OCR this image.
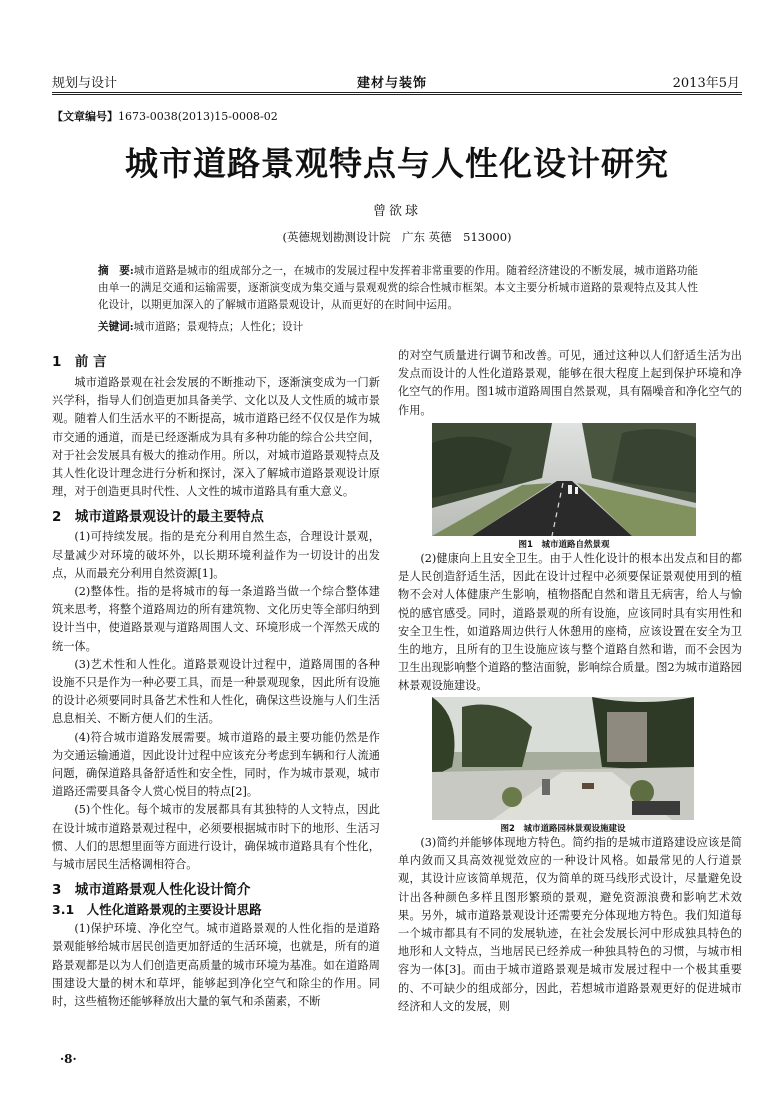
规划与设计	建材与装饰	2013年5月
【文章编号】1673-0038(2013)15-0008-02
城市道路景观特点与人性化设计研究
曾欲球
(英德规划勘测设计院　广东 英德　513000)
摘　要:城市道路是城市的组成部分之一，在城市的发展过程中发挥着非常重要的作用。随着经济建设的不断发展，城市道路功能由单一的满足交通和运输需要，逐渐演变成为集交通与景观观赏的综合性城市框架。本文主要分析城市道路的景观特点及其人性化设计，以期更加深入的了解城市道路景观设计，从而更好的在时间中运用。
关键词:城市道路；景观特点；人性化；设计

1　前 言

城市道路景观在社会发展的不断推动下，逐渐演变成为一门新兴学科，指导人们创造更加具备美学、文化以及人文性质的城市景观。随着人们生活水平的不断提高，城市道路已经不仅仅是作为城市交通的通道，而是已经逐渐成为具有多种功能的综合公共空间，对于社会发展具有极大的推动作用。所以，对城市道路景观特点及其人性化设计理念进行分析和探讨，深入了解城市道路景观设计原理，对于创造更具时代性、人文性的城市道路具有重大意义。

2　城市道路景观设计的最主要特点

(1)可持续发展。指的是充分利用自然生态，合理设计景观，尽量减少对环境的破坏外，以长期环境利益作为一切设计的出发点，从而最充分利用自然资源[1]。

(2)整体性。指的是将城市的每一条道路当做一个综合整体建筑来思考，将整个道路周边的所有建筑物、文化历史等全部归纳到设计当中，使道路景观与道路周围人文、环境形成一个浑然天成的统一体。

(3)艺术性和人性化。道路景观设计过程中，道路周围的各种设施不只是作为一种必要工具，而是一种景观现象，因此所有设施的设计必须要同时具备艺术性和人性化，确保这些设施与人们生活息息相关、不断方便人们的生活。

(4)符合城市道路发展需要。城市道路的最主要功能仍然是作为交通运输通道，因此设计过程中应该充分考虑到车辆和行人流通问题，确保道路具备舒适性和安全性，同时，作为城市景观，城市道路还需要具备令人赏心悦目的特点[2]。

(5)个性化。每个城市的发展都具有其独特的人文特点，因此在设计城市道路景观过程中，必须要根据城市时下的地形、生活习惯、人们的思想里面等方面进行设计，确保城市道路具有个性化，与城市居民生活格调相符合。

3　城市道路景观人性化设计简介

3.1　人性化道路景观的主要设计思路

(1)保护环境、净化空气。城市道路景观的人性化指的是道路景观能够给城市居民创造更加舒适的生活环境，也就是，所有的道路景观都是以为人们创造更高质量的城市环境为基准。如在道路周围建设大量的树木和草坪，能够起到净化空气和除尘的作用。同时，这些植物还能够释放出大量的氧气和杀菌素，不断

的对空气质量进行调节和改善。可见，通过这种以人们舒适生活为出发点而设计的人性化道路景观，能够在很大程度上起到保护环境和净化空气的作用。图1城市道路周围自然景观，具有隔噪音和净化空气的作用。

图1　城市道路自然景观

(2)健康向上且安全卫生。由于人性化设计的根本出发点和目的都是人民创造舒适生活，因此在设计过程中必须要保证景观使用到的植物不会对人体健康产生影响，植物搭配自然和谐且无病害，给人与愉悦的感官感受。同时，道路景观的所有设施，应该同时具有实用性和安全卫生性，如道路周边供行人休憩用的座椅，应该设置在安全为卫生的地方，且所有的卫生设施应该与整个道路自然和谐，而不会因为卫生出现影响整个道路的整洁面貌，影响综合质量。图2为城市道路园林景观设施建设。

图2　城市道路园林景观设施建设

(3)简约并能够体现地方特色。简约指的是城市道路建设应该是简单内敛而又具高效视觉效应的一种设计风格。如最常见的人行道景观，其设计应该简单规范，仅为简单的斑马线形式设计，尽量避免设计出各种颜色多样且图形繁琐的景观，避免资源浪费和影响艺术效果。另外，城市道路景观设计还需要充分体现地方特色。我们知道每一个城市都具有不同的发展轨迹，在社会发展长河中形成独具特色的地形和人文特点，当地居民已经养成一种独具特色的习惯，与城市相容为一体[3]。而由于城市道路景观是城市发展过程中一个极其重要的、不可缺少的组成部分，因此，若想城市道路景观更好的促进城市经济和人文的发展，则

·8·
